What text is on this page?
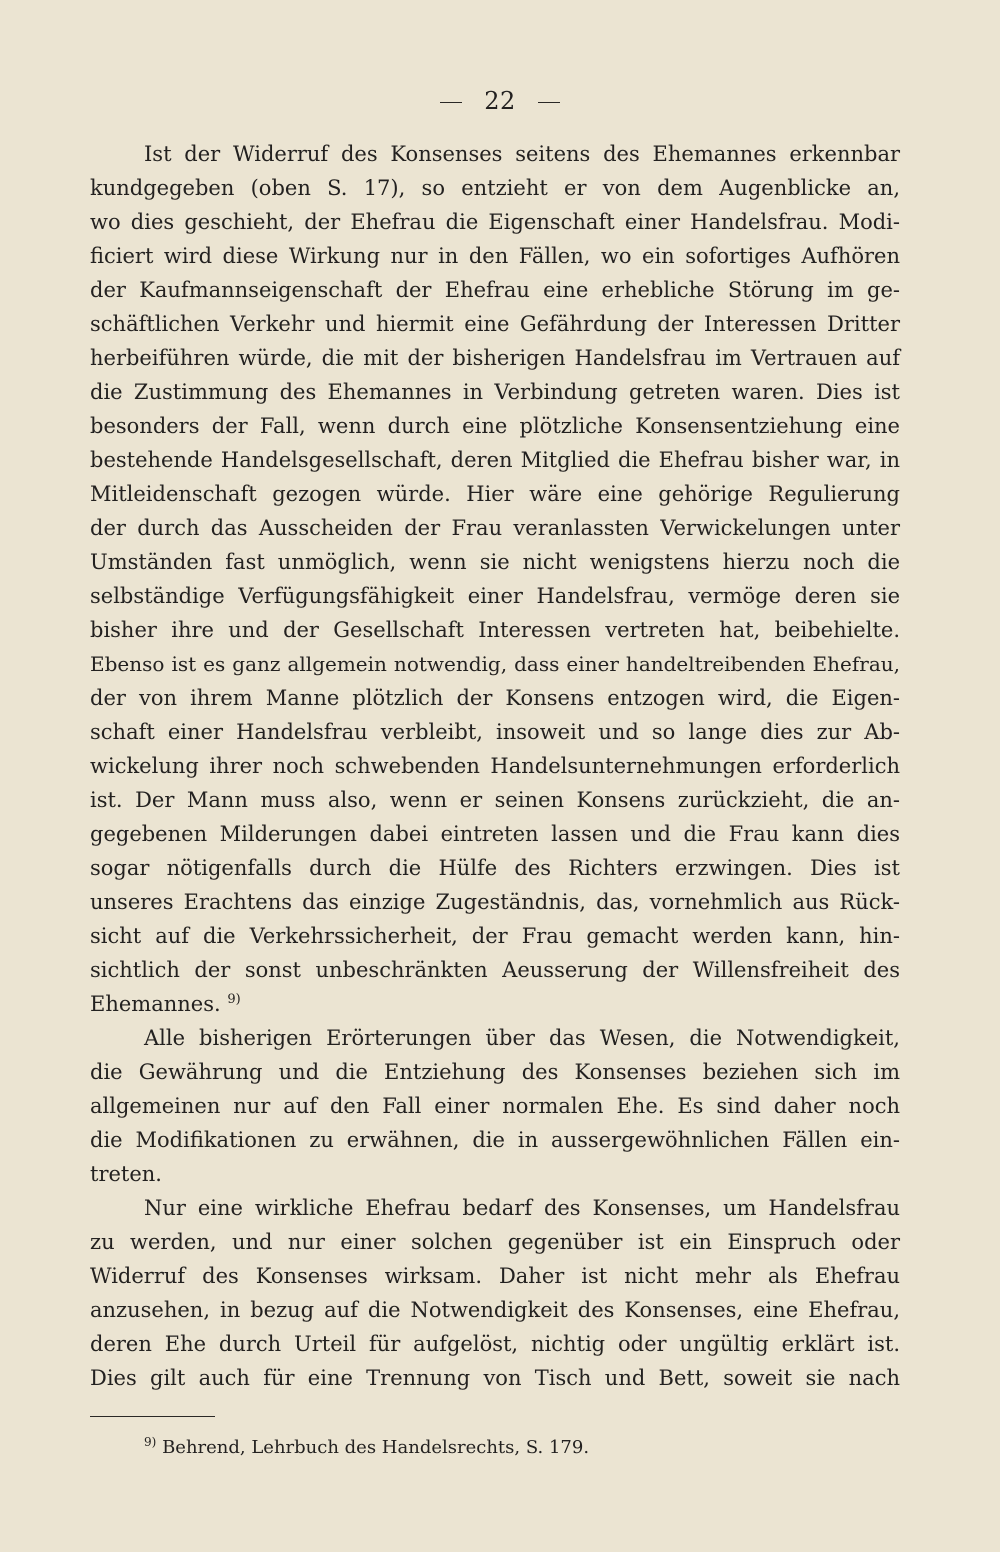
22
Ist der Widerruf des Konsenses seitens des Ehemannes erkennbar
kundgegeben (oben S. 17), so entzieht er von dem Augenblicke an,
wo dies geschieht, der Ehefrau die Eigenschaft einer Handelsfrau. Modi-
ficiert wird diese Wirkung nur in den Fällen, wo ein sofortiges Aufhören
der Kaufmannseigenschaft der Ehefrau eine erhebliche Störung im ge-
schäftlichen Verkehr und hiermit eine Gefährdung der Interessen Dritter
herbeiführen würde, die mit der bisherigen Handelsfrau im Vertrauen auf
die Zustimmung des Ehemannes in Verbindung getreten waren. Dies ist
besonders der Fall, wenn durch eine plötzliche Konsensentziehung eine
bestehende Handelsgesellschaft, deren Mitglied die Ehefrau bisher war, in
Mitleidenschaft gezogen würde. Hier wäre eine gehörige Regulierung
der durch das Ausscheiden der Frau veranlassten Verwickelungen unter
Umständen fast unmöglich, wenn sie nicht wenigstens hierzu noch die
selbständige Verfügungsfähigkeit einer Handelsfrau, vermöge deren sie
bisher ihre und der Gesellschaft Interessen vertreten hat, beibehielte.
Ebenso ist es ganz allgemein notwendig, dass einer handeltreibenden Ehefrau,
der von ihrem Manne plötzlich der Konsens entzogen wird, die Eigen-
schaft einer Handelsfrau verbleibt, insoweit und so lange dies zur Ab-
wickelung ihrer noch schwebenden Handelsunternehmungen erforderlich
ist. Der Mann muss also, wenn er seinen Konsens zurückzieht, die an-
gegebenen Milderungen dabei eintreten lassen und die Frau kann dies
sogar nötigenfalls durch die Hülfe des Richters erzwingen. Dies ist
unseres Erachtens das einzige Zugeständnis, das, vornehmlich aus Rück-
sicht auf die Verkehrssicherheit, der Frau gemacht werden kann, hin-
sichtlich der sonst unbeschränkten Aeusserung der Willensfreiheit des
Ehemannes. $^{9)}$
Alle bisherigen Erörterungen über das Wesen, die Notwendigkeit,
die Gewährung und die Entziehung des Konsenses beziehen sich im
allgemeinen nur auf den Fall einer normalen Ehe. Es sind daher noch
die Modifikationen zu erwähnen, die in aussergewöhnlichen Fällen ein-
treten.
Nur eine wirkliche Ehefrau bedarf des Konsenses, um Handelsfrau
zu werden, und nur einer solchen gegenüber ist ein Einspruch oder
Widerruf des Konsenses wirksam. Daher ist nicht mehr als Ehefrau
anzusehen, in bezug auf die Notwendigkeit des Konsenses, eine Ehefrau,
deren Ehe durch Urteil für aufgelöst, nichtig oder ungültig erklärt ist.
Dies gilt auch für eine Trennung von Tisch und Bett, soweit sie nach
$^{9)}$ Behrend, Lehrbuch des Handelsrechts, S. 179.
